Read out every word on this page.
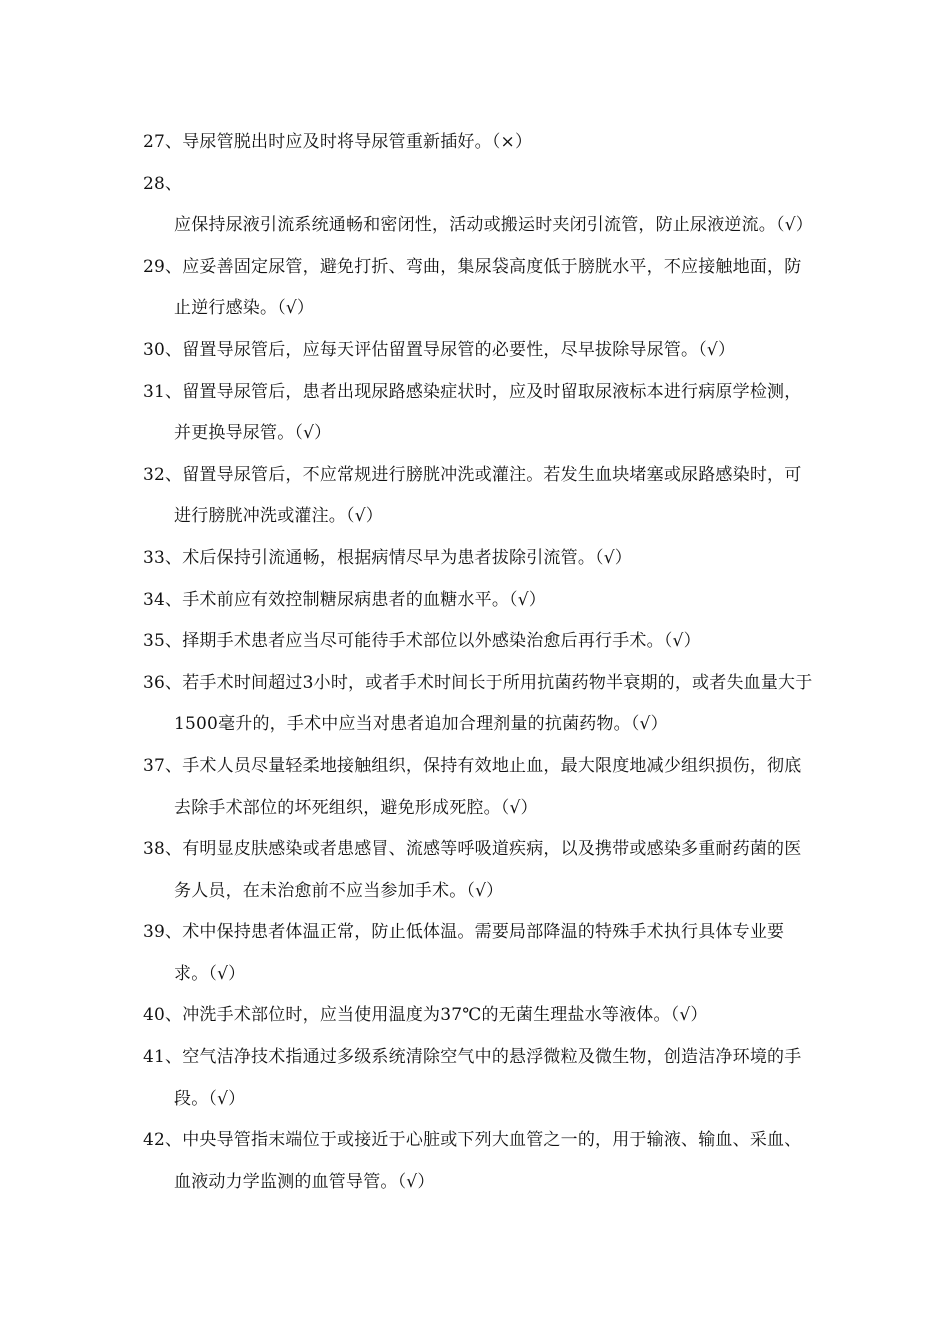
27、导尿管脱出时应及时将导尿管重新插好。（×）

28、应保持尿液引流系统通畅和密闭性，活动或搬运时夹闭引流管，防止尿液逆流。（√）

29、应妥善固定尿管，避免打折、弯曲，集尿袋高度低于膀胱水平，不应接触地面，防止逆行感染。（√）

30、留置导尿管后，应每天评估留置导尿管的必要性，尽早拔除导尿管。（√）

31、留置导尿管后，患者出现尿路感染症状时，应及时留取尿液标本进行病原学检测，并更换导尿管。（√）

32、留置导尿管后，不应常规进行膀胱冲洗或灌注。若发生血块堵塞或尿路感染时，可进行膀胱冲洗或灌注。（√）

33、术后保持引流通畅，根据病情尽早为患者拔除引流管。（√）

34、手术前应有效控制糖尿病患者的血糖水平。（√）

35、择期手术患者应当尽可能待手术部位以外感染治愈后再行手术。（√）

36、若手术时间超过3小时，或者手术时间长于所用抗菌药物半衰期的，或者失血量大于1500毫升的，手术中应当对患者追加合理剂量的抗菌药物。（√）

37、手术人员尽量轻柔地接触组织，保持有效地止血，最大限度地减少组织损伤，彻底去除手术部位的坏死组织，避免形成死腔。（√）

38、有明显皮肤感染或者患感冒、流感等呼吸道疾病，以及携带或感染多重耐药菌的医务人员，在未治愈前不应当参加手术。（√）

39、术中保持患者体温正常，防止低体温。需要局部降温的特殊手术执行具体专业要求。（√）

40、冲洗手术部位时，应当使用温度为37℃的无菌生理盐水等液体。（√）

41、空气洁净技术指通过多级系统清除空气中的悬浮微粒及微生物，创造洁净环境的手段。（√）

42、中央导管指末端位于或接近于心脏或下列大血管之一的，用于输液、输血、采血、血液动力学监测的血管导管。（√）
